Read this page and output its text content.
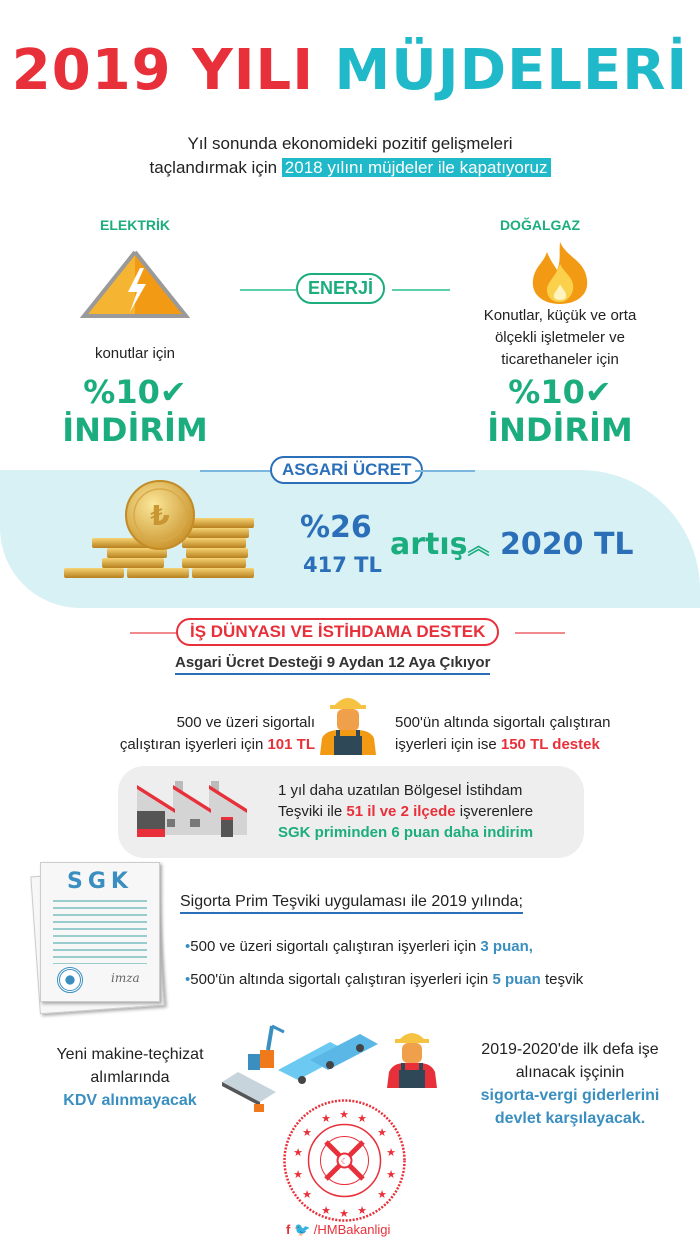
2019 YILI MÜJDELERİ
Yıl sonunda ekonomideki pozitif gelişmeleri
taçlandırmak için 2018 yılını müjdeler ile kapatıyoruz
ELEKTRİK	DOĞALGAZ
ENERJİ
konutlar için
Konutlar, küçük ve orta
ölçekli işletmeler ve
ticarethaneler için
%10✔
İNDİRİM
%10✔
İNDİRİM
ASGARİ ÜCRET
₺	%26
417 TL
artış︽ 2020 TL
İŞ DÜNYASI VE İSTİHDAMA DESTEK
Asgari Ücret Desteği 9 Aydan 12 Aya Çıkıyor
500 ve üzeri sigortalı
çalıştıran işyerleri için 101 TL
500'ün altında sigortalı çalıştıran
işyerleri için ise 150 TL destek
1 yıl daha uzatılan Bölgesel İstihdam
Teşviki ile 51 il ve 2 ilçede işverenlere
SGK priminden 6 puan daha indirim
SGK
imza
Sigorta Prim Teşviki uygulaması ile 2019 yılında;
•500 ve üzeri sigortalı çalıştıran işyerleri için 3 puan,
•500'ün altında sigortalı çalıştıran işyerleri için 5 puan teşvik
Yeni makine-teçhizat
alımlarında
KDV alınmayacak
2019-2020'de ilk defa işe
alınacak işçinin
sigorta-vergi giderlerini
devlet karşılayacak.
★
★ ★
★	★
★	★
★	★
★	★
★ ★ ★
☾
f 🐦 /HMBakanligi
